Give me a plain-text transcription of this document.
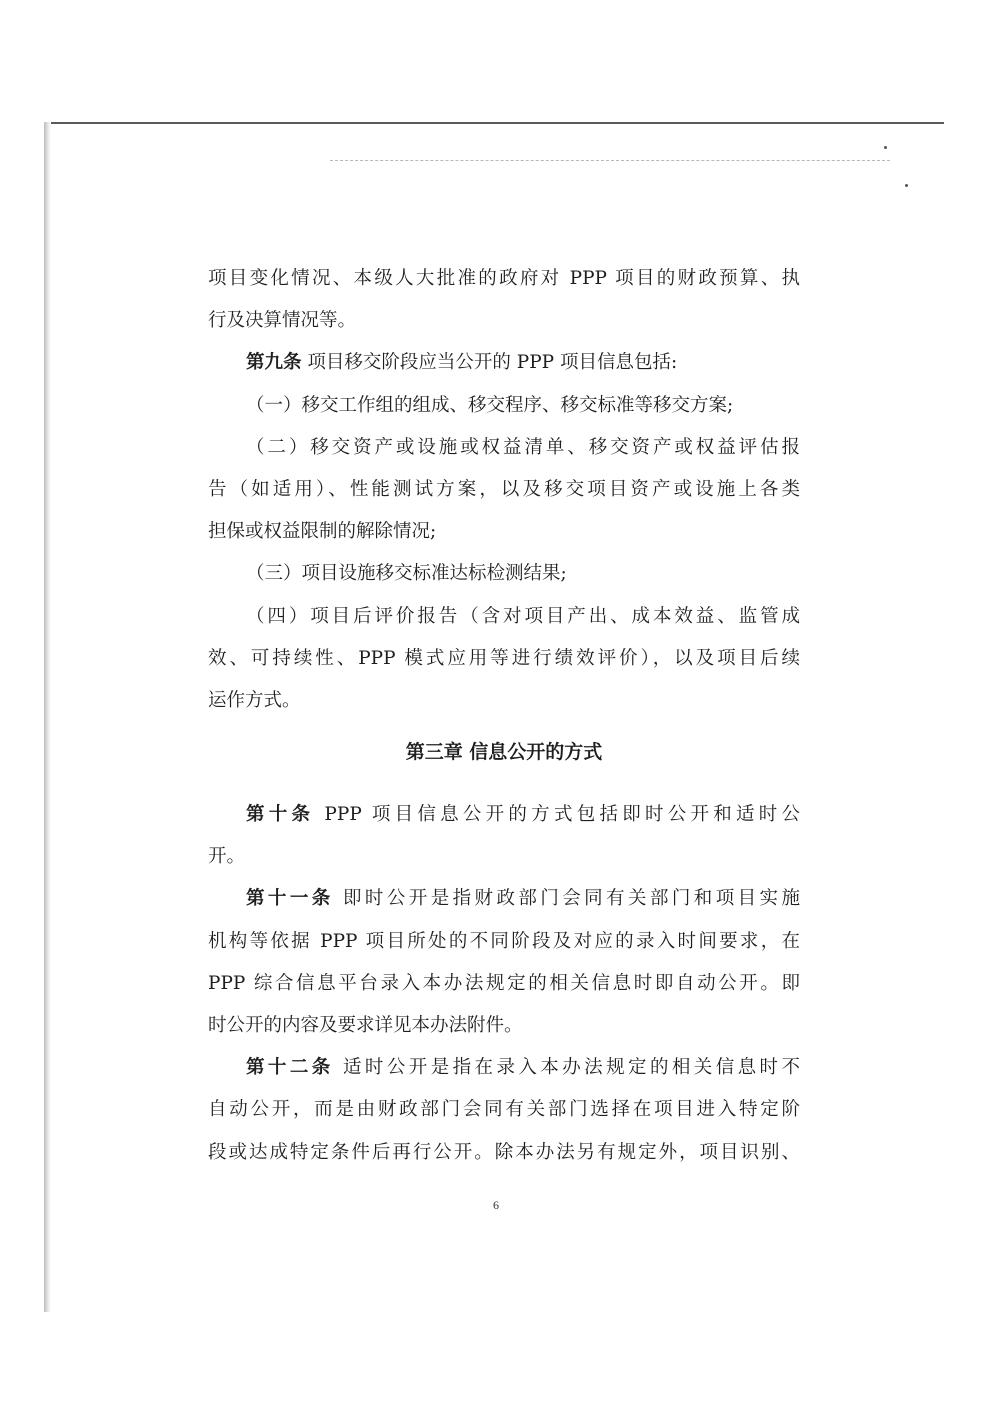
项目变化情况、本级人大批准的政府对 PPP 项目的财政预算、执
行及决算情况等。
第九条 项目移交阶段应当公开的 PPP 项目信息包括:
（一）移交工作组的组成、移交程序、移交标准等移交方案;
（二）移交资产或设施或权益清单、移交资产或权益评估报
告（如适用）、性能测试方案，以及移交项目资产或设施上各类
担保或权益限制的解除情况;
（三）项目设施移交标准达标检测结果;
（四）项目后评价报告（含对项目产出、成本效益、监管成
效、可持续性、PPP 模式应用等进行绩效评价），以及项目后续
运作方式。
第三章 信息公开的方式
第十条 PPP 项目信息公开的方式包括即时公开和适时公
开。
第十一条 即时公开是指财政部门会同有关部门和项目实施
机构等依据 PPP 项目所处的不同阶段及对应的录入时间要求，在
PPP 综合信息平台录入本办法规定的相关信息时即自动公开。即
时公开的内容及要求详见本办法附件。
第十二条 适时公开是指在录入本办法规定的相关信息时不
自动公开，而是由财政部门会同有关部门选择在项目进入特定阶
段或达成特定条件后再行公开。除本办法另有规定外，项目识别、
6
